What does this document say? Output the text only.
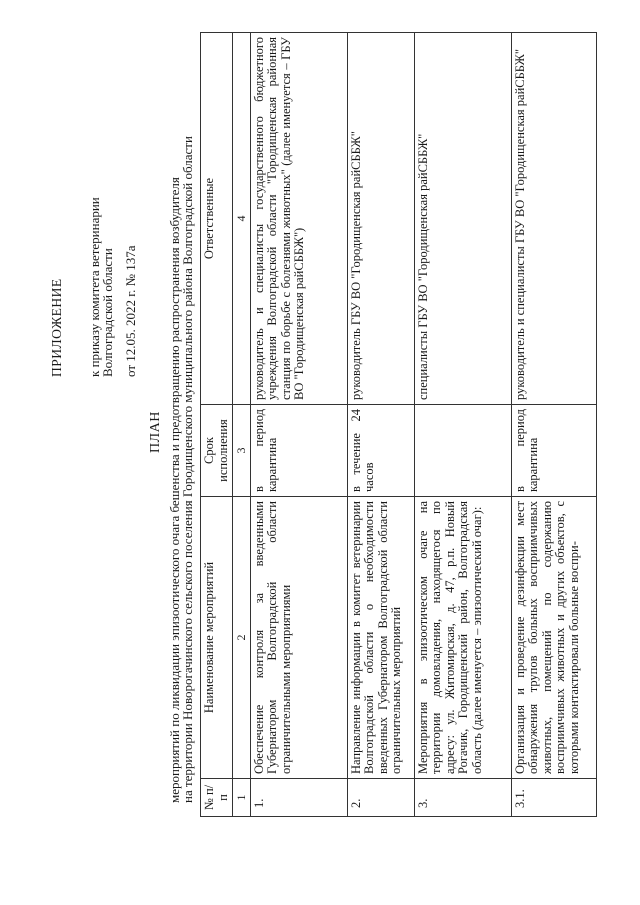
ПРИЛОЖЕНИЕ к приказу комитета ветеринарии
Волгоградской области от 12.05. 2022 г. № 137а
ПЛАН мероприятий по ликвидации эпизоотического очага бешенства и предотвращению распространения возбудителя
на территории Новорогачинского сельского поселения Городищенского муниципального района Волгоградской области № п/п	Наименование мероприятий	Срок исполнения	Ответственные
1	2	3	4
1.	Обеспечение контроля за введенными Губернатором Волгоградской области ограничительными мероприятиями	в период карантина	руководитель и специалисты государственного бюджетного учреждения Волгоградской области "Городищенская районная станция по борьбе с болезнями животных" (далее именуется – ГБУ ВО "Городищенская райСББЖ")
2.	Направление информации в комитет ветеринарии Волгоградской области о необходимости введенных Губернатором Волгоградской области ограничительных мероприятий	в течение 24 часов	руководитель ГБУ ВО "Городищенская райСББЖ"
3.	Мероприятия в эпизоотическом очаге на территории домовладения, находящегося по адресу: ул. Житомирская, д. 47, р.п. Новый Рогачик, Городищенский район, Волгоградская область (далее именуется – эпизоотический очаг):		специалисты ГБУ ВО "Городищенская райСББЖ"
3.1.	Организация и проведение дезинфекции мест обнаружения трупов больных восприимчивых животных, помещений по содержанию восприимчивых животных и других объектов, с которыми контактировали больные воспри-	в период карантина	руководитель и специалисты ГБУ ВО "Городищенская райСББЖ"
